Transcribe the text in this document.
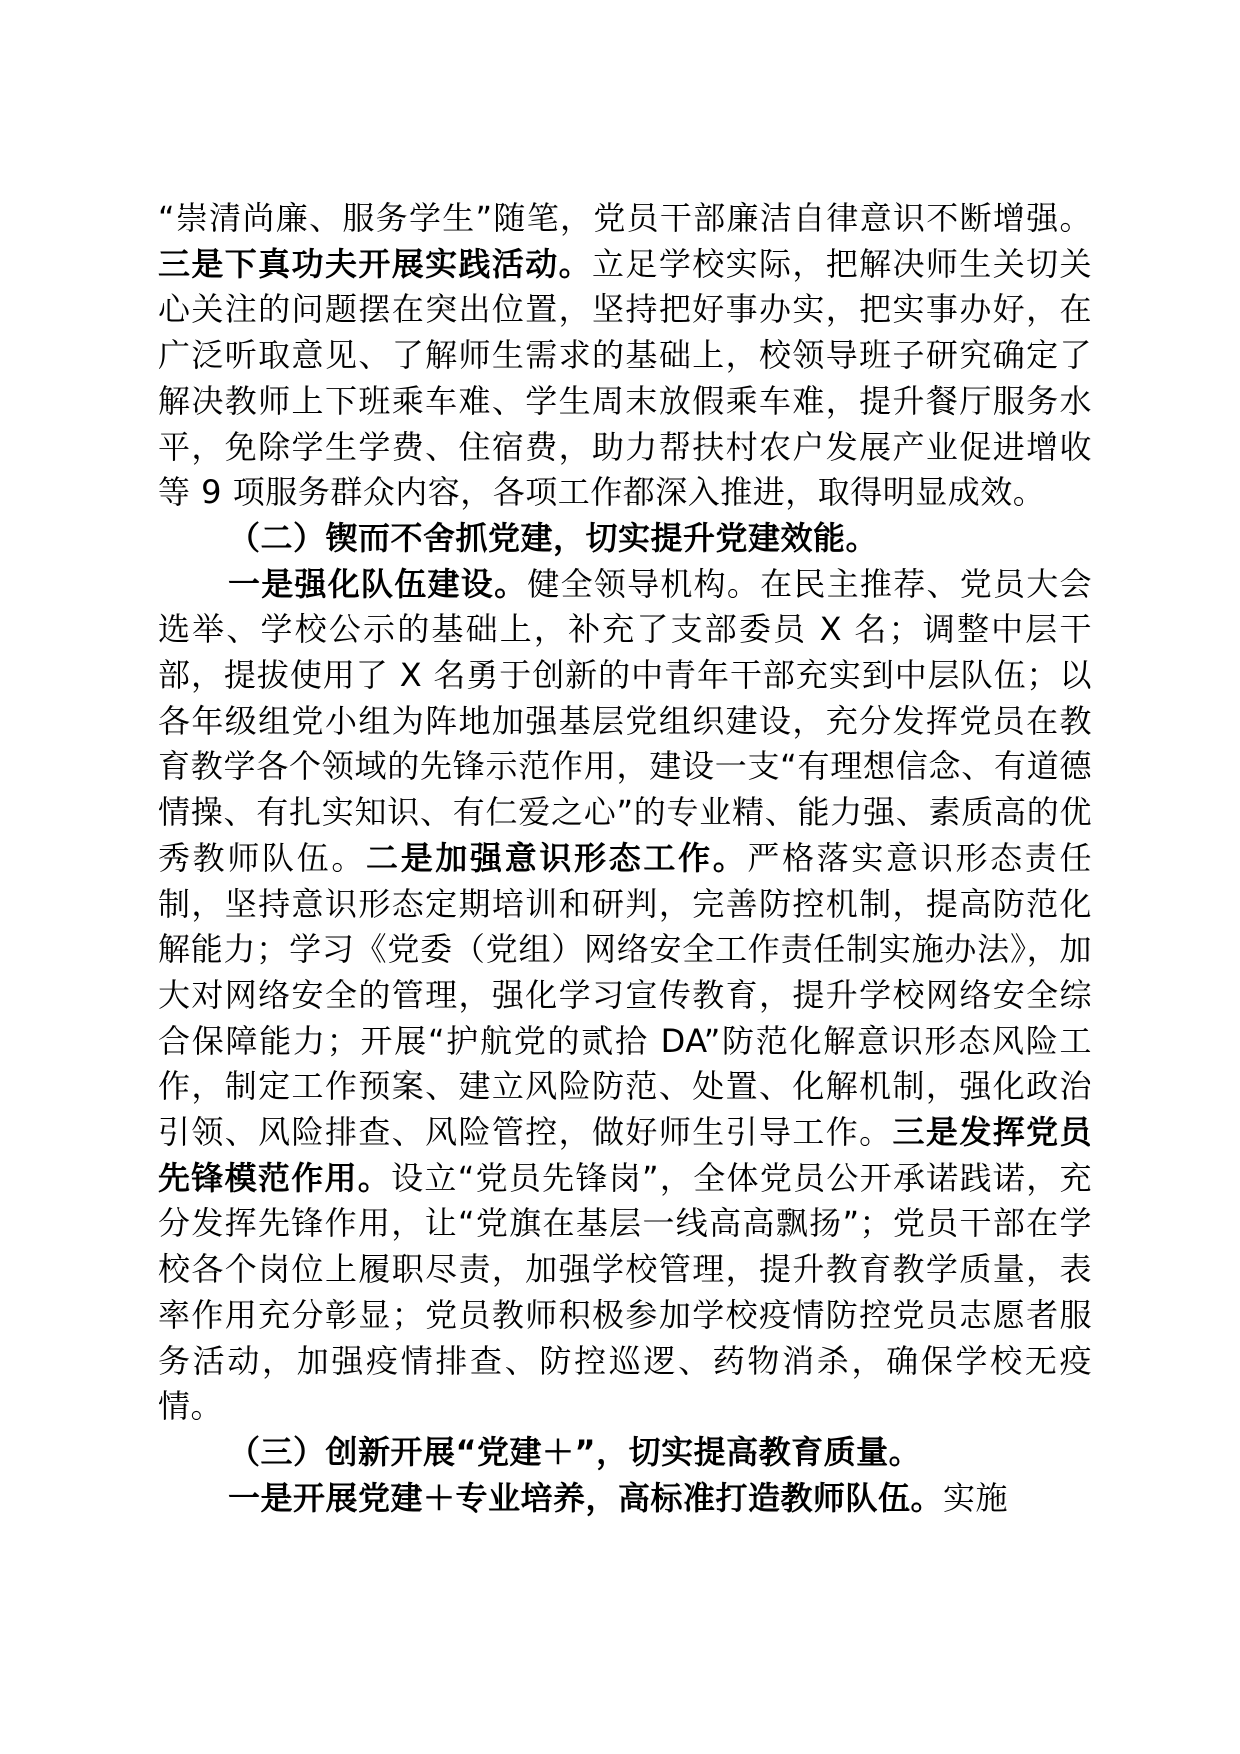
“崇清尚廉、服务学生”随笔，党员干部廉洁自律意识不断增强。三是下真功夫开展实践活动。立足学校实际，把解决师生关切关心关注的问题摆在突出位置，坚持把好事办实，把实事办好，在广泛听取意见、了解师生需求的基础上，校领导班子研究确定了解决教师上下班乘车难、学生周末放假乘车难，提升餐厅服务水平，免除学生学费、住宿费，助力帮扶村农户发展产业促进增收等 9 项服务群众内容，各项工作都深入推进，取得明显成效。

（二）锲而不舍抓党建，切实提升党建效能。

一是强化队伍建设。健全领导机构。在民主推荐、党员大会选举、学校公示的基础上，补充了支部委员 X 名；调整中层干部，提拔使用了 X 名勇于创新的中青年干部充实到中层队伍；以各年级组党小组为阵地加强基层党组织建设，充分发挥党员在教育教学各个领域的先锋示范作用，建设一支“有理想信念、有道德情操、有扎实知识、有仁爱之心”的专业精、能力强、素质高的优秀教师队伍。二是加强意识形态工作。严格落实意识形态责任制，坚持意识形态定期培训和研判，完善防控机制，提高防范化解能力；学习《党委（党组）网络安全工作责任制实施办法》，加大对网络安全的管理，强化学习宣传教育，提升学校网络安全综合保障能力；开展“护航党的贰拾 DA”防范化解意识形态风险工作，制定工作预案、建立风险防范、处置、化解机制，强化政治引领、风险排查、风险管控，做好师生引导工作。三是发挥党员先锋模范作用。设立“党员先锋岗”，全体党员公开承诺践诺，充分发挥先锋作用，让“党旗在基层一线高高飘扬”；党员干部在学校各个岗位上履职尽责，加强学校管理，提升教育教学质量，表率作用充分彰显；党员教师积极参加学校疫情防控党员志愿者服务活动，加强疫情排查、防控巡逻、药物消杀，确保学校无疫情。

（三）创新开展“党建＋”，切实提高教育质量。

一是开展党建＋专业培养，高标准打造教师队伍。实施
